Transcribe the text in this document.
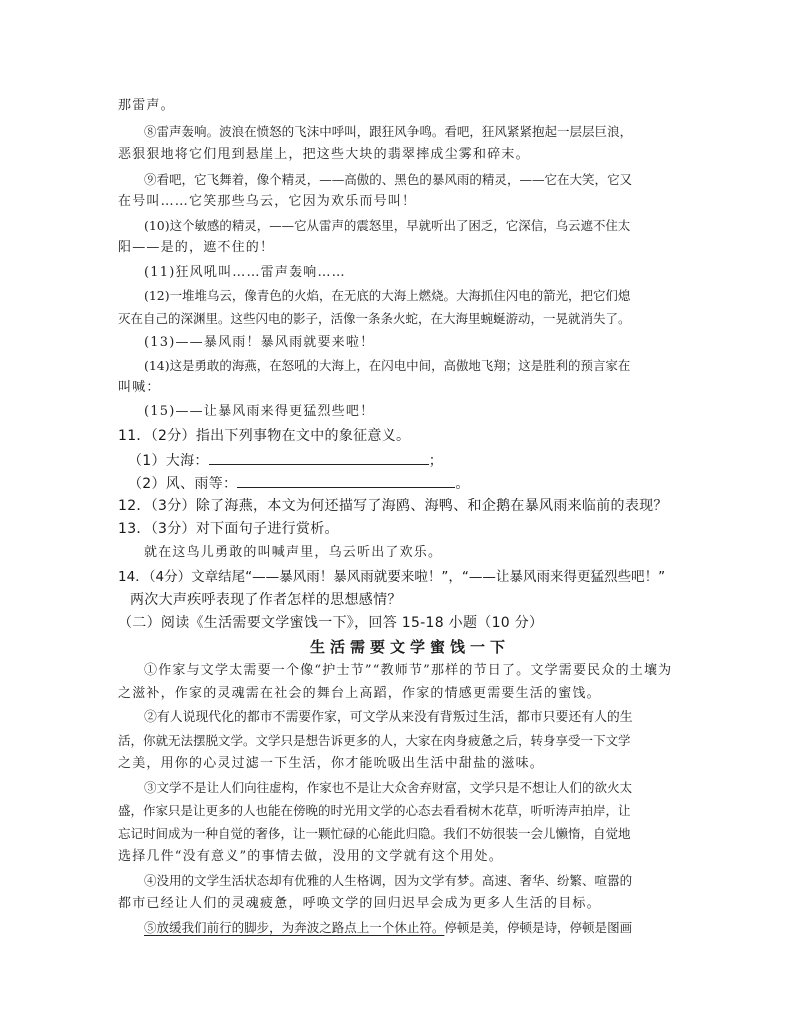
那雷声。
⑧雷声轰响。波浪在愤怒的飞沫中呼叫，跟狂风争鸣。看吧，狂风紧紧抱起一层层巨浪，
恶狠狠地将它们甩到悬崖上，把这些大块的翡翠摔成尘雾和碎末。
⑨看吧，它飞舞着，像个精灵，——高傲的、黑色的暴风雨的精灵，——它在大笑，它又
在号叫……它笑那些乌云，它因为欢乐而号叫！
(10)这个敏感的精灵，——它从雷声的震怒里，早就听出了困乏，它深信，乌云遮不住太
阳——是的，遮不住的！
(11)狂风吼叫……雷声轰响……
(12)一堆堆乌云，像青色的火焰，在无底的大海上燃烧。大海抓住闪电的箭光，把它们熄
灭在自己的深渊里。这些闪电的影子，活像一条条火蛇，在大海里蜿蜒游动，一晃就消失了。
(13)——暴风雨！暴风雨就要来啦！
(14)这是勇敢的海燕，在怒吼的大海上，在闪电中间，高傲地飞翔；这是胜利的预言家在
叫喊：
(15)——让暴风雨来得更猛烈些吧！
11．（2分）指出下列事物在文中的象征意义。
（1）大海：	；
（2）风、雨等：	。
12．（3分）除了海燕，本文为何还描写了海鸥、海鸭、和企鹅在暴风雨来临前的表现？
13．（3分）对下面句子进行赏析。
就在这鸟儿勇敢的叫喊声里，乌云听出了欢乐。
14．（4分）文章结尾“——暴风雨！暴风雨就要来啦！”，“——让暴风雨来得更猛烈些吧！”
两次大声疾呼表现了作者怎样的思想感情？
（二）阅读《生活需要文学蜜饯一下》，回答 15-18 小题（10 分）
生活需要文学蜜饯一下
①作家与文学太需要一个像“护士节”“教师节”那样的节日了。文学需要民众的土壤为
之滋补，作家的灵魂需在社会的舞台上高蹈，作家的情感更需要生活的蜜饯。
②有人说现代化的都市不需要作家，可文学从来没有背叛过生活，都市只要还有人的生
活，你就无法摆脱文学。文学只是想告诉更多的人，大家在肉身疲惫之后，转身享受一下文学
之美，用你的心灵过滤一下生活，你才能吮吸出生活中甜盐的滋味。
③文学不是让人们向往虚构，作家也不是让大众舍弃财富，文学只是不想让人们的欲火太
盛，作家只是让更多的人也能在傍晚的时光用文学的心态去看看树木花草，听听涛声拍岸，让
忘记时间成为一种自觉的奢侈，让一颗忙碌的心能此归隐。我们不妨很装一会儿懒惰，自觉地
选择几件“没有意义”的事情去做，没用的文学就有这个用处。
④没用的文学生活状态却有优雅的人生格调，因为文学有梦。高速、奢华、纷繁、喧嚣的
都市已经让人们的灵魂疲惫，呼唤文学的回归迟早会成为更多人生活的目标。
⑤放缓我们前行的脚步，为奔波之路点上一个休止符。停顿是美，停顿是诗，停顿是图画
